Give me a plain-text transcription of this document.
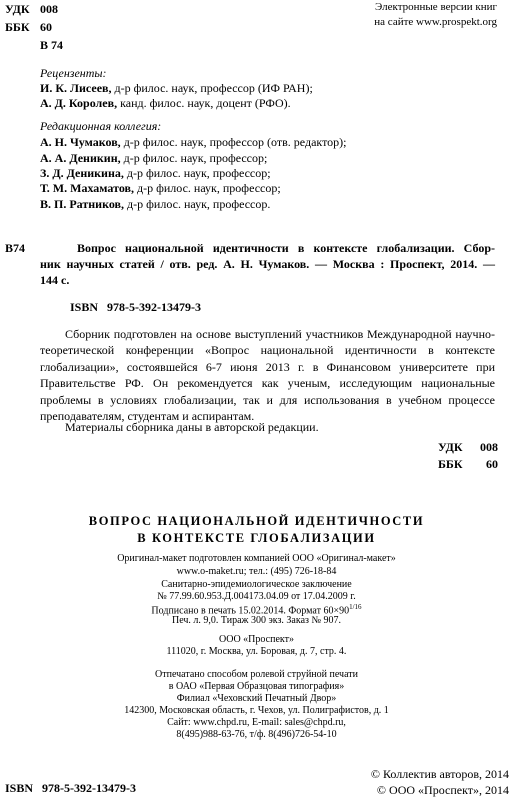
УДК 008
ББК 60
В 74
Электронные версии книг
на сайте www.prospekt.org
Рецензенты:
И. К. Лисеев, д-р филос. наук, профессор (ИФ РАН);
А. Д. Королев, канд. филос. наук, доцент (РФО).
Редакционная коллегия:
А. Н. Чумаков, д-р филос. наук, профессор (отв. редактор);
А. А. Деникин, д-р филос. наук, профессор;
З. Д. Деникина, д-р филос. наук, профессор;
Т. М. Махаматов, д-р филос. наук, профессор;
В. П. Ратников, д-р филос. наук, профессор.
В74	Вопрос национальной идентичности в контексте глобализации. Сбор-
ник научных статей / отв. ред. А. Н. Чумаков. — Москва : Проспект, 2014. —
144 с.
ISBN   978-5-392-13479-3
Сборник подготовлен на основе выступлений участников Международной научно-теоретической конференции «Вопрос национальной идентичности в контексте глобализации», состоявшейся 6-7 июня 2013 г. в Финансовом университете при Правительстве РФ. Он рекомендуется как ученым, исследующим национальные проблемы в условиях глобализации, так и для использования в учебном процессе преподавателям, студентам и аспирантам.
Материалы сборника даны в авторской редакции.
УДК 008
ББК 60
ВОПРОС НАЦИОНАЛЬНОЙ ИДЕНТИЧНОСТИ
В КОНТЕКСТЕ ГЛОБАЛИЗАЦИИ
Оригинал-макет подготовлен компанией ООО «Оригинал-макет»
www.o-maket.ru; тел.: (495) 726-18-84
Санитарно-эпидемиологическое заключение
№ 77.99.60.953.Д.004173.04.09 от 17.04.2009 г.
Подписано в печать 15.02.2014. Формат $60\times 90^{1/16}$
Печ. л. 9,0. Тираж 300 экз. Заказ № 907.
ООО «Проспект»
111020, г. Москва, ул. Боровая, д. 7, стр. 4.
Отпечатано способом ролевой струйной печати
в ОАО «Первая Образцовая типография»
Филиал «Чеховский Печатный Двор»
142300, Московская область, г. Чехов, ул. Полиграфистов, д. 1
Сайт: www.chpd.ru, E-mail: sales@chpd.ru,
8(495)988-63-76, т/ф. 8(496)726-54-10
ISBN   978-5-392-13479-3
© Коллектив авторов, 2014
© ООО «Проспект», 2014
